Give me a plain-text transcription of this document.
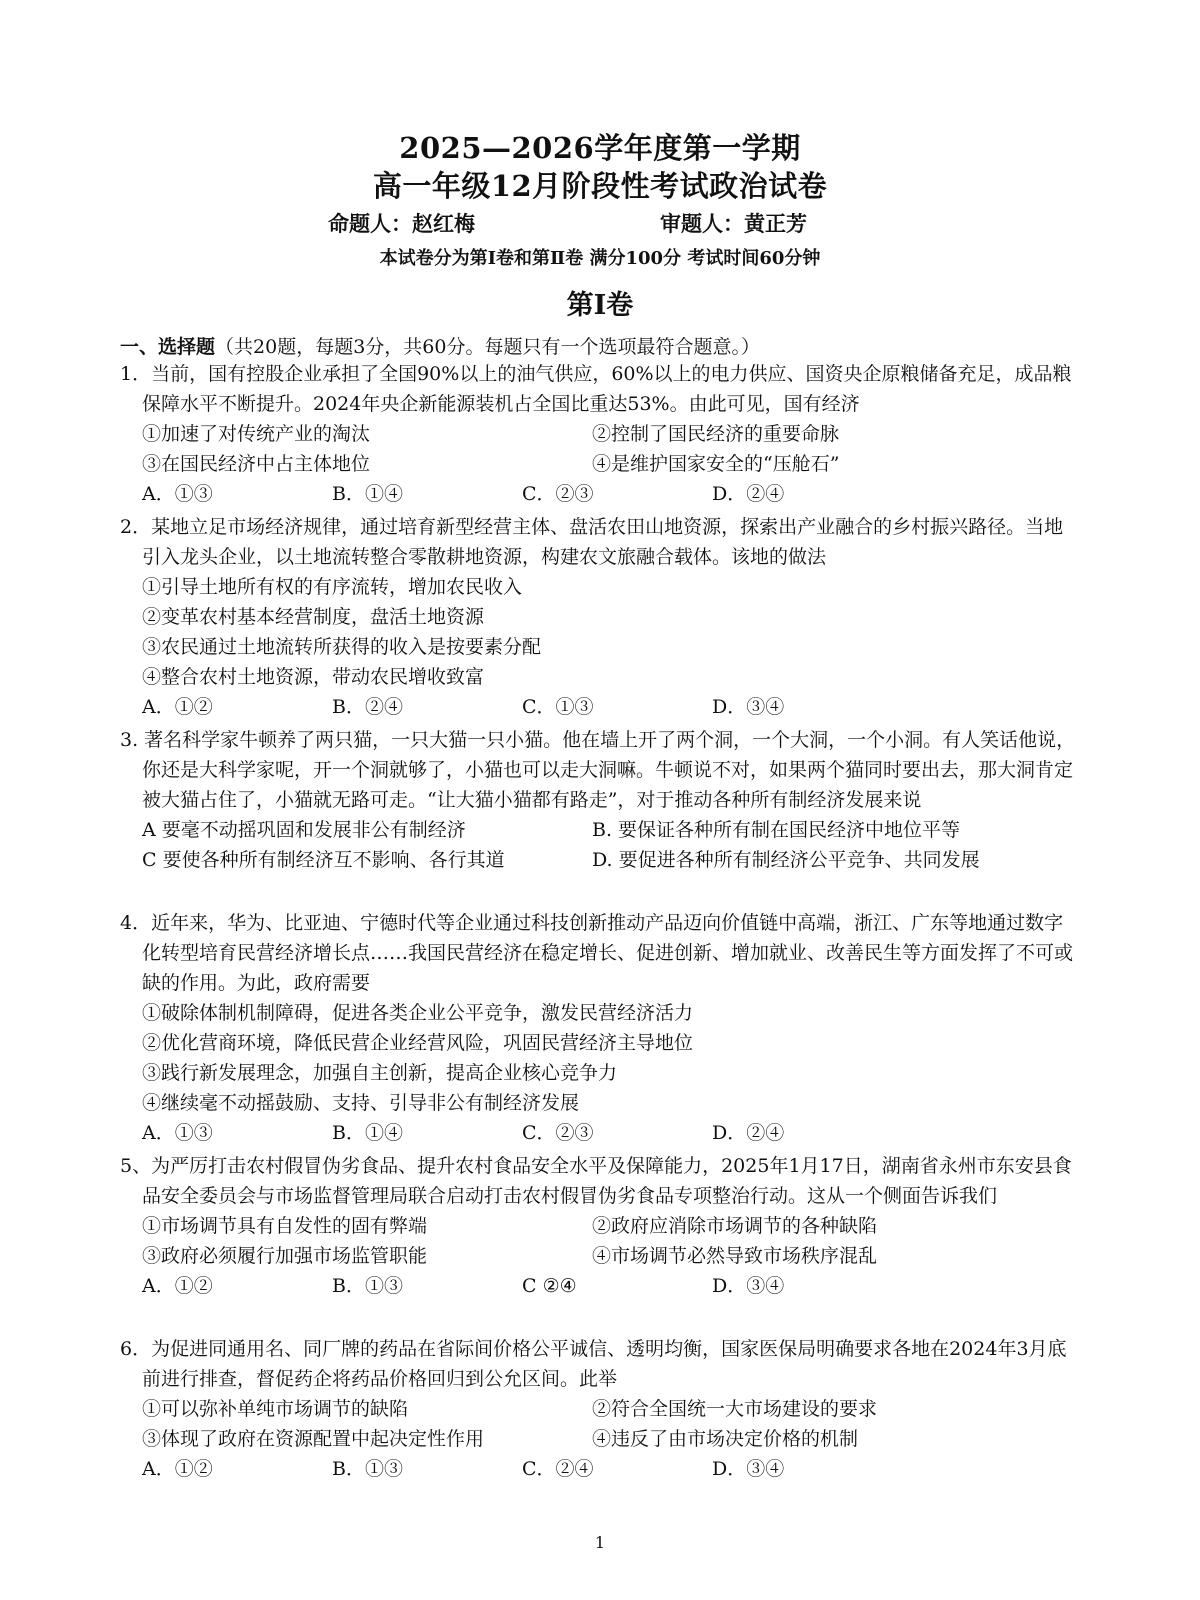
2025—2026学年度第一学期
高一年级12月阶段性考试政治试卷
命题人：赵红梅	审题人：黄正芳
本试卷分为第Ⅰ卷和第Ⅱ卷 满分100分 考试时间60分钟
第Ⅰ卷
一、选择题（共20题，每题3分，共60分。每题只有一个选项最符合题意。）
1．当前，国有控股企业承担了全国90%以上的油气供应，60%以上的电力供应、国资央企原粮储备充足，成品粮保障水平不断提升。2024年央企新能源装机占全国比重达53%。由此可见，国有经济
①加速了对传统产业的淘汰	②控制了国民经济的重要命脉
③在国民经济中占主体地位	④是维护国家安全的“压舱石”
A．①③	B．①④	C．②③	D．②④
2．某地立足市场经济规律，通过培育新型经营主体、盘活农田山地资源，探索出产业融合的乡村振兴路径。当地引入龙头企业，以土地流转整合零散耕地资源，构建农文旅融合载体。该地的做法
①引导土地所有权的有序流转，增加农民收入
②变革农村基本经营制度，盘活土地资源
③农民通过土地流转所获得的收入是按要素分配
④整合农村土地资源，带动农民增收致富
A．①②	B．②④	C．①③	D．③④
3. 著名科学家牛顿养了两只猫，一只大猫一只小猫。他在墙上开了两个洞，一个大洞，一个小洞。有人笑话他说，你还是大科学家呢，开一个洞就够了，小猫也可以走大洞嘛。牛顿说不对，如果两个猫同时要出去，那大洞肯定被大猫占住了，小猫就无路可走。“让大猫小猫都有路走”，对于推动各种所有制经济发展来说
A 要毫不动摇巩固和发展非公有制经济	B. 要保证各种所有制在国民经济中地位平等
C 要使各种所有制经济互不影响、各行其道	D. 要促进各种所有制经济公平竞争、共同发展
4．近年来，华为、比亚迪、宁德时代等企业通过科技创新推动产品迈向价值链中高端，浙江、广东等地通过数字化转型培育民营经济增长点……我国民营经济在稳定增长、促进创新、增加就业、改善民生等方面发挥了不可或缺的作用。为此，政府需要
①破除体制机制障碍，促进各类企业公平竞争，激发民营经济活力
②优化营商环境，降低民营企业经营风险，巩固民营经济主导地位
③践行新发展理念，加强自主创新，提高企业核心竞争力
④继续毫不动摇鼓励、支持、引导非公有制经济发展
A．①③	B．①④	C．②③	D．②④
5、为严厉打击农村假冒伪劣食品、提升农村食品安全水平及保障能力，2025年1月17日，湖南省永州市东安县食品安全委员会与市场监督管理局联合启动打击农村假冒伪劣食品专项整治行动。这从一个侧面告诉我们
①市场调节具有自发性的固有弊端	②政府应消除市场调节的各种缺陷
③政府必须履行加强市场监管职能	④市场调节必然导致市场秩序混乱
A．①②	B．①③	C ②④	D．③④
6．为促进同通用名、同厂牌的药品在省际间价格公平诚信、透明均衡，国家医保局明确要求各地在2024年3月底前进行排查，督促药企将药品价格回归到公允区间。此举
①可以弥补单纯市场调节的缺陷	②符合全国统一大市场建设的要求
③体现了政府在资源配置中起决定性作用	④违反了由市场决定价格的机制
A．①②	B．①③	C．②④	D．③④
1
